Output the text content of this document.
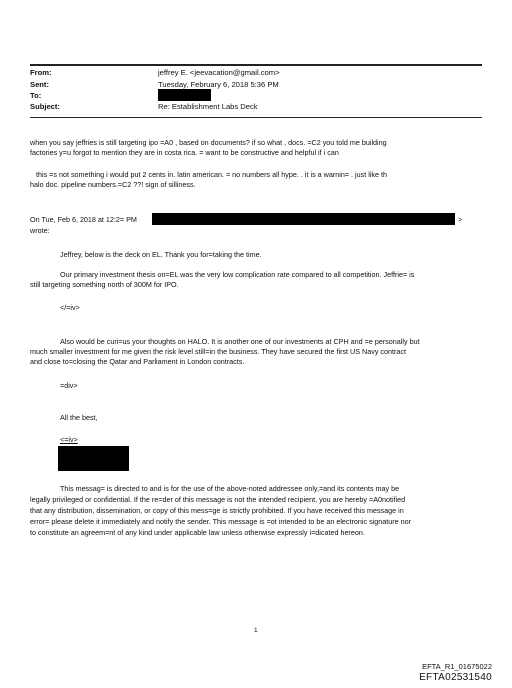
From:	jeffrey E. <jeevacation@gmail.com>
Sent:	Tuesday, February 6, 2018 5:36 PM
To:
Subject:	Re: Establishment Labs Deck
when you say jeffries is still targeting ipo =A0 , based on documents? if so what , docs. =C2 you told me building
factories y=u forgot to mention they are in costa rica. = want to be constructive and helpful if i can
this =s not something i would put 2 cents in. latin american. = no numbers all hype. . it is a warnin= . just like th
halo doc. pipeline numbers.=C2 ??! sign of silliness.
On Tue, Feb 6, 2018 at 12:2= PM	>
wrote:
Jeffrey, below is the deck on EL. Thank you for=taking the time.
Our primary investment thesis on=EL was the very low complication rate compared to all competition. Jeffrie= is
still targeting something north of 300M for IPO.
</=iv>
Also would be curi=us your thoughts on HALO. It is another one of our investments at CPH and =e personally but
much smaller investment for me given the risk level still=in the business. They have secured the first US Navy contract
and close to=closing the Qatar and Parliament in London contracts.
=div>
All the best,
<=iv>
This messag= is directed to and is for the use of the above-noted addressee only,=and its contents may be
legally privileged or confidential. If the re=der of this message is not the intended recipient, you are hereby =A0notified
that any distribution, dissemination, or copy of this mess=ge is strictly prohibited. If you have received this message in
error= please delete it immediately and notify the sender. This message is =ot intended to be an electronic signature nor
to constitute an agreem=nt of any kind under applicable law unless otherwise expressly i=dicated hereon.
1
EFTA_R1_01675022
EFTA02531540
